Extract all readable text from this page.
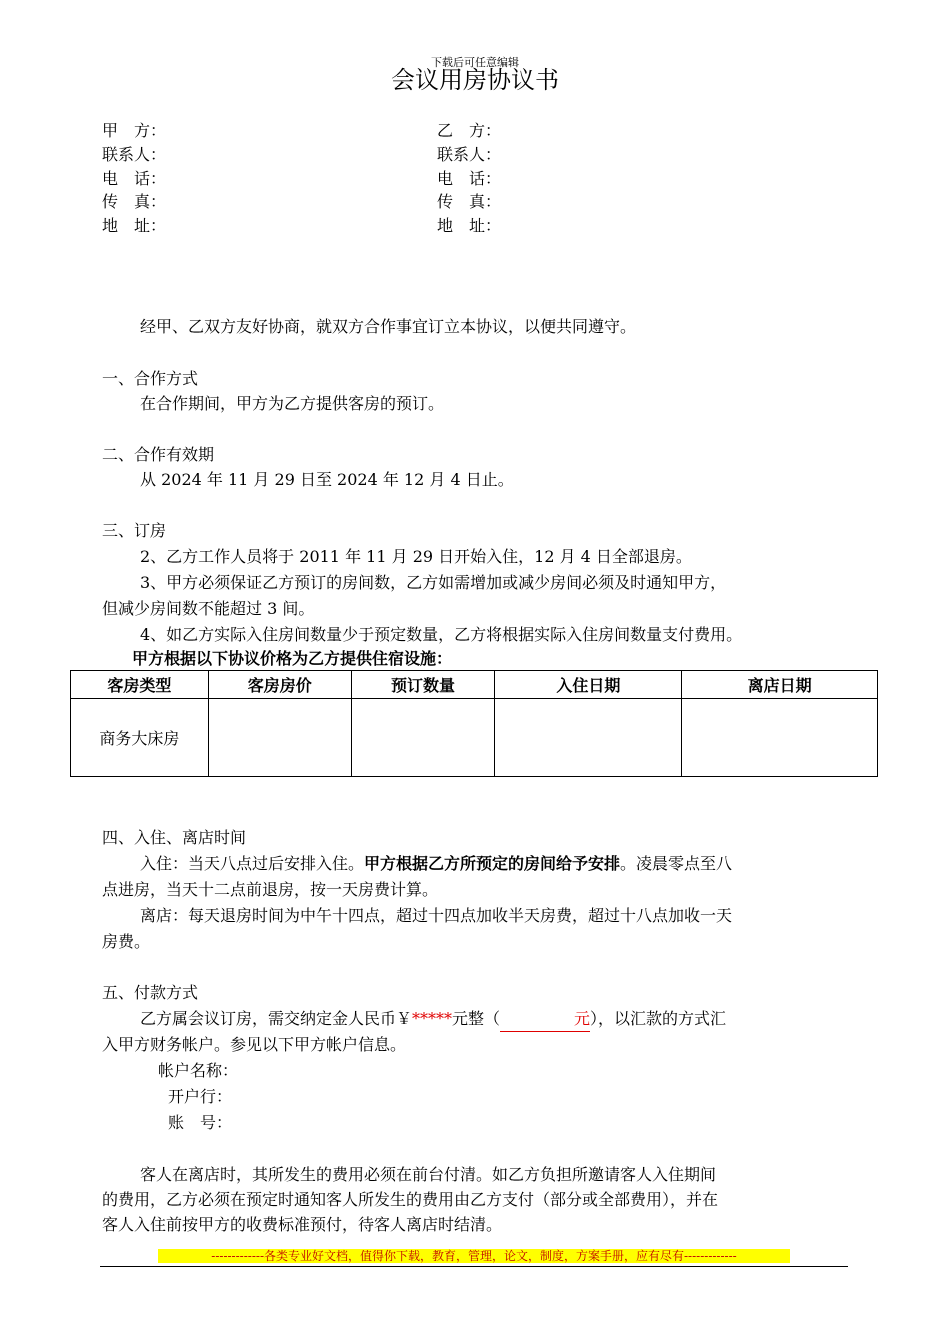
下载后可任意编辑
会议用房协议书
甲　方：
联系人：
电　话：
传　真：
地　址：
乙　方：
联系人：
电　话：
传　真：
地　址：
经甲、乙双方友好协商，就双方合作事宜订立本协议，以便共同遵守。
一、合作方式
在合作期间，甲方为乙方提供客房的预订。
二、合作有效期
从 2024 年 11 月 29 日至 2024 年 12 月 4 日止。
三、订房
2、乙方工作人员将于 2011 年 11 月 29 日开始入住，12 月 4 日全部退房。
3、甲方必须保证乙方预订的房间数，乙方如需增加或减少房间必须及时通知甲方，
但减少房间数不能超过 3 间。
4、如乙方实际入住房间数量少于预定数量，乙方将根据实际入住房间数量支付费用。
甲方根据以下协议价格为乙方提供住宿设施：
客房类型	客房房价	预订数量	入住日期	离店日期
商务大床房				
四、入住、离店时间
入住：当天八点过后安排入住。甲方根据乙方所预定的房间给予安排。凌晨零点至八
点进房，当天十二点前退房，按一天房费计算。
离店：每天退房时间为中午十四点，超过十四点加收半天房费，超过十八点加收一天
房费。
五、付款方式
乙方属会议订房，需交纳定金人民币￥*****元整（	元），以汇款的方式汇
入甲方财务帐户。参见以下甲方帐户信息。
帐户名称：
开户行：
账　号：
客人在离店时，其所发生的费用必须在前台付清。如乙方负担所邀请客人入住期间
的费用，乙方必须在预定时通知客人所发生的费用由乙方支付（部分或全部费用），并在
客人入住前按甲方的收费标准预付，待客人离店时结清。
-------------各类专业好文档，值得你下载，教育，管理，论文，制度，方案手册，应有尽有-------------
